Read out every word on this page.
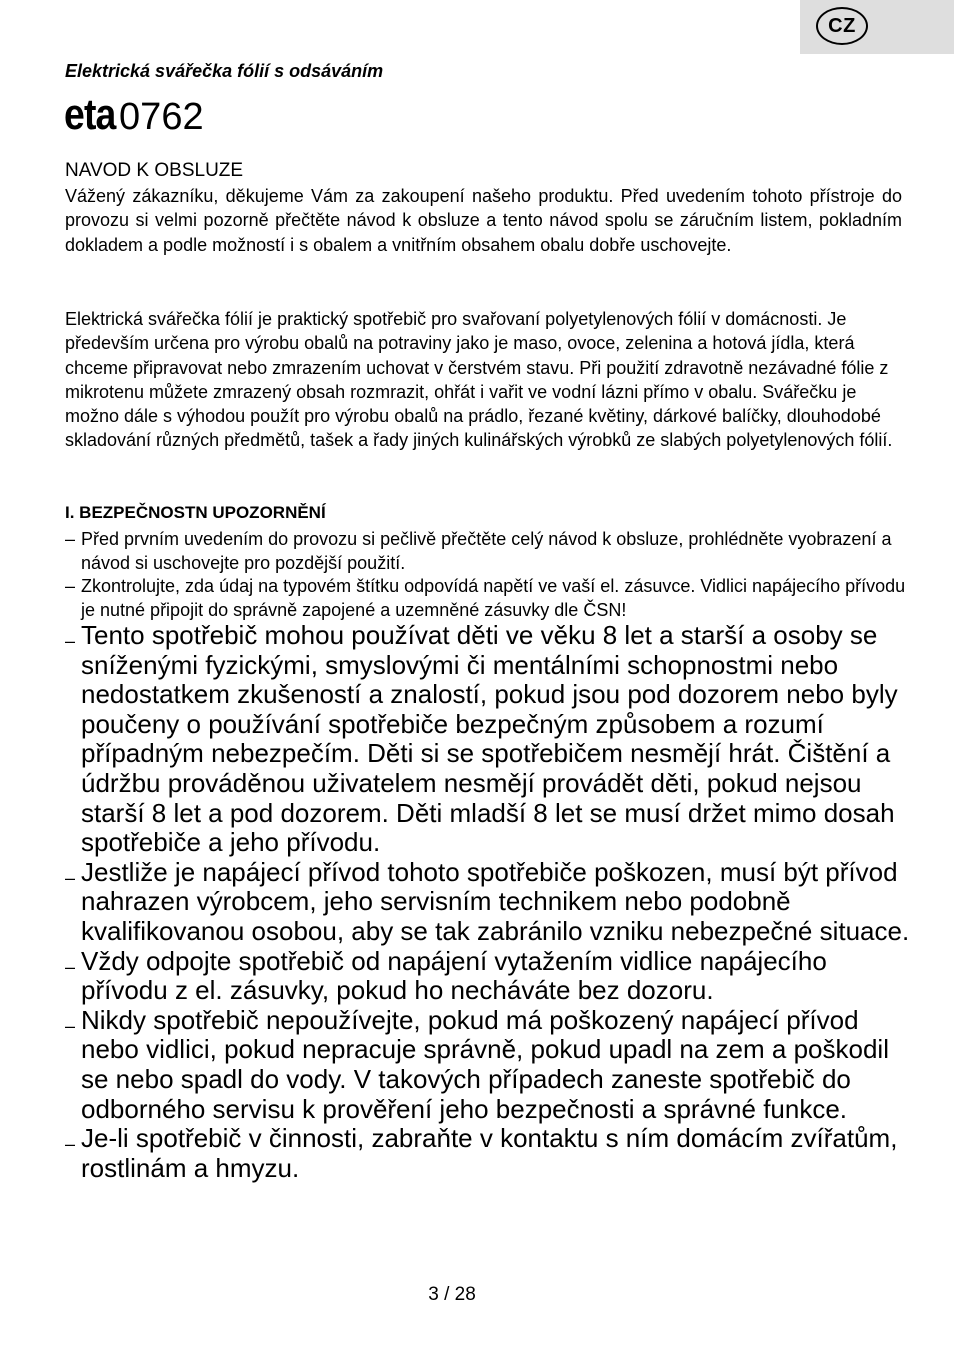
CZ
Elektrická svářečka fólií s odsáváním
eta 0762
NAVOD K OBSLUZE

Vážený zákazníku, děkujeme Vám za zakoupení našeho produktu. Před uvedením tohoto přístroje do provozu si velmi pozorně přečtěte návod k obsluze a tento návod spolu se záručním listem, pokladním dokladem a podle možností i s obalem a vnitřním obsahem obalu dobře uschovejte.

Elektrická svářečka fólií je praktický spotřebič pro svařovaní polyetylenových fólií v domácnosti. Je především určena pro výrobu obalů na potraviny jako je maso, ovoce, zelenina a hotová jídla, která chceme připravovat nebo zmrazením uchovat v čerstvém stavu. Při použití zdravotně nezávadné fólie z mikrotenu můžete zmrazený obsah rozmrazit, ohřát i vařit ve vodní lázni přímo v obalu. Svářečku je možno dále s výhodou použít pro výrobu obalů na prádlo, řezané květiny, dárkové balíčky, dlouhodobé skladování různých předmětů, tašek a řady jiných kulinářských výrobků ze slabých polyetylenových fólií.

I. BEZPEČNOSTN UPOZORNĚNÍ
– Před prvním uvedením do provozu si pečlivě přečtěte celý návod k obsluze, prohlédněte vyobrazení a návod si uschovejte pro pozdější použití.
– Zkontrolujte, zda údaj na typovém štítku odpovídá napětí ve vaší el. zásuvce. Vidlici napájecího přívodu je nutné připojit do správně zapojené a uzemněné zásuvky dle ČSN!
– Tento spotřebič mohou používat děti ve věku 8 let a starší a osoby se sníženými fyzickými, smyslovými či mentálními schopnostmi nebo nedostatkem zkušeností a znalostí, pokud jsou pod dozorem nebo byly poučeny o používání spotřebiče bezpečným způsobem a rozumí případným nebezpečím. Děti si se spotřebičem nesmějí hrát. Čištění a údržbu prováděnou uživatelem nesmějí provádět děti, pokud nejsou starší 8 let a pod dozorem. Děti mladší 8 let se musí držet mimo dosah spotřebiče a jeho přívodu.
– Jestliže je napájecí přívod tohoto spotřebiče poškozen, musí být přívod nahrazen výrobcem, jeho servisním technikem nebo podobně kvalifikovanou osobou, aby se tak zabránilo vzniku nebezpečné situace.
– Vždy odpojte spotřebič od napájení vytažením vidlice napájecího přívodu z el. zásuvky, pokud ho necháváte bez dozoru.
– Nikdy spotřebič nepoužívejte, pokud má poškozený napájecí přívod nebo vidlici, pokud nepracuje správně, pokud upadl na zem a poškodil se nebo spadl do vody. V takových případech zaneste spotřebič do odborného servisu k prověření jeho bezpečnosti a správné funkce.
– Je-li spotřebič v činnosti, zabraňte v kontaktu s ním domácím zvířatům, rostlinám a hmyzu.
3 / 28
